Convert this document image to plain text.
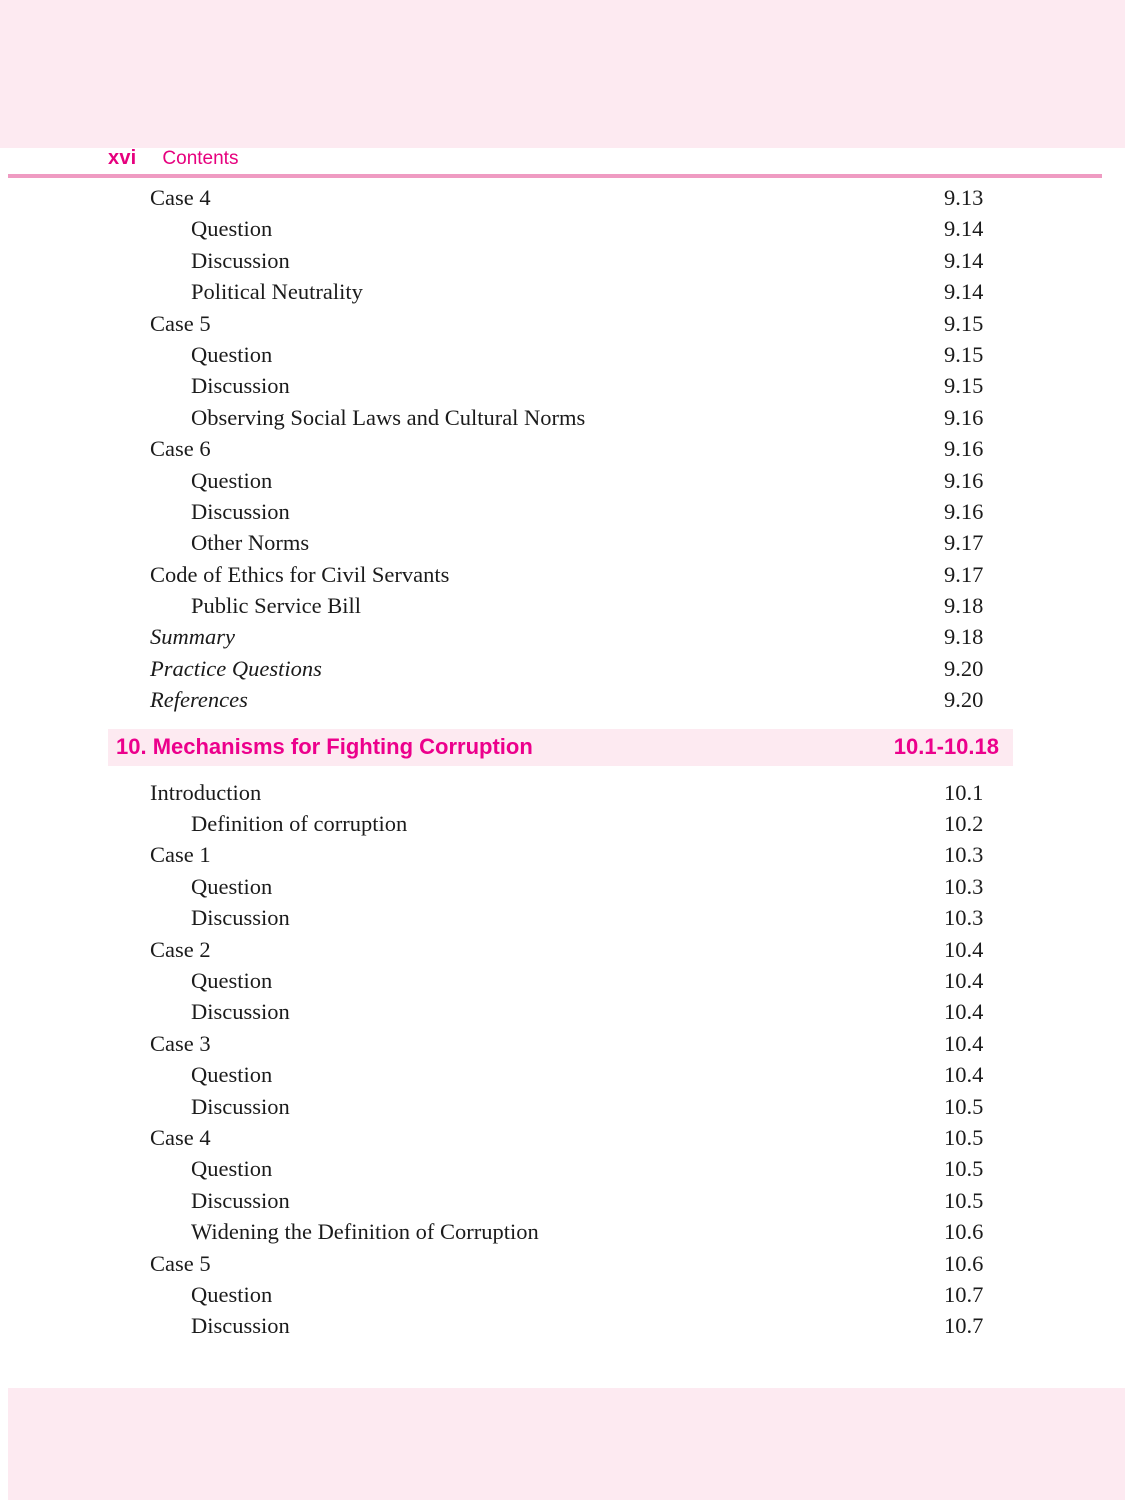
xvi Contents
Case 4	9.13
Question	9.14
Discussion	9.14
Political Neutrality	9.14
Case 5	9.15
Question	9.15
Discussion	9.15
Observing Social Laws and Cultural Norms	9.16
Case 6	9.16
Question	9.16
Discussion	9.16
Other Norms	9.17
Code of Ethics for Civil Servants	9.17
Public Service Bill	9.18
Summary	9.18
Practice Questions	9.20
References	9.20
10. Mechanisms for Fighting Corruption	10.1-10.18
Introduction	10.1
Definition of corruption	10.2
Case 1	10.3
Question	10.3
Discussion	10.3
Case 2	10.4
Question	10.4
Discussion	10.4
Case 3	10.4
Question	10.4
Discussion	10.5
Case 4	10.5
Question	10.5
Discussion	10.5
Widening the Definition of Corruption	10.6
Case 5	10.6
Question	10.7
Discussion	10.7
